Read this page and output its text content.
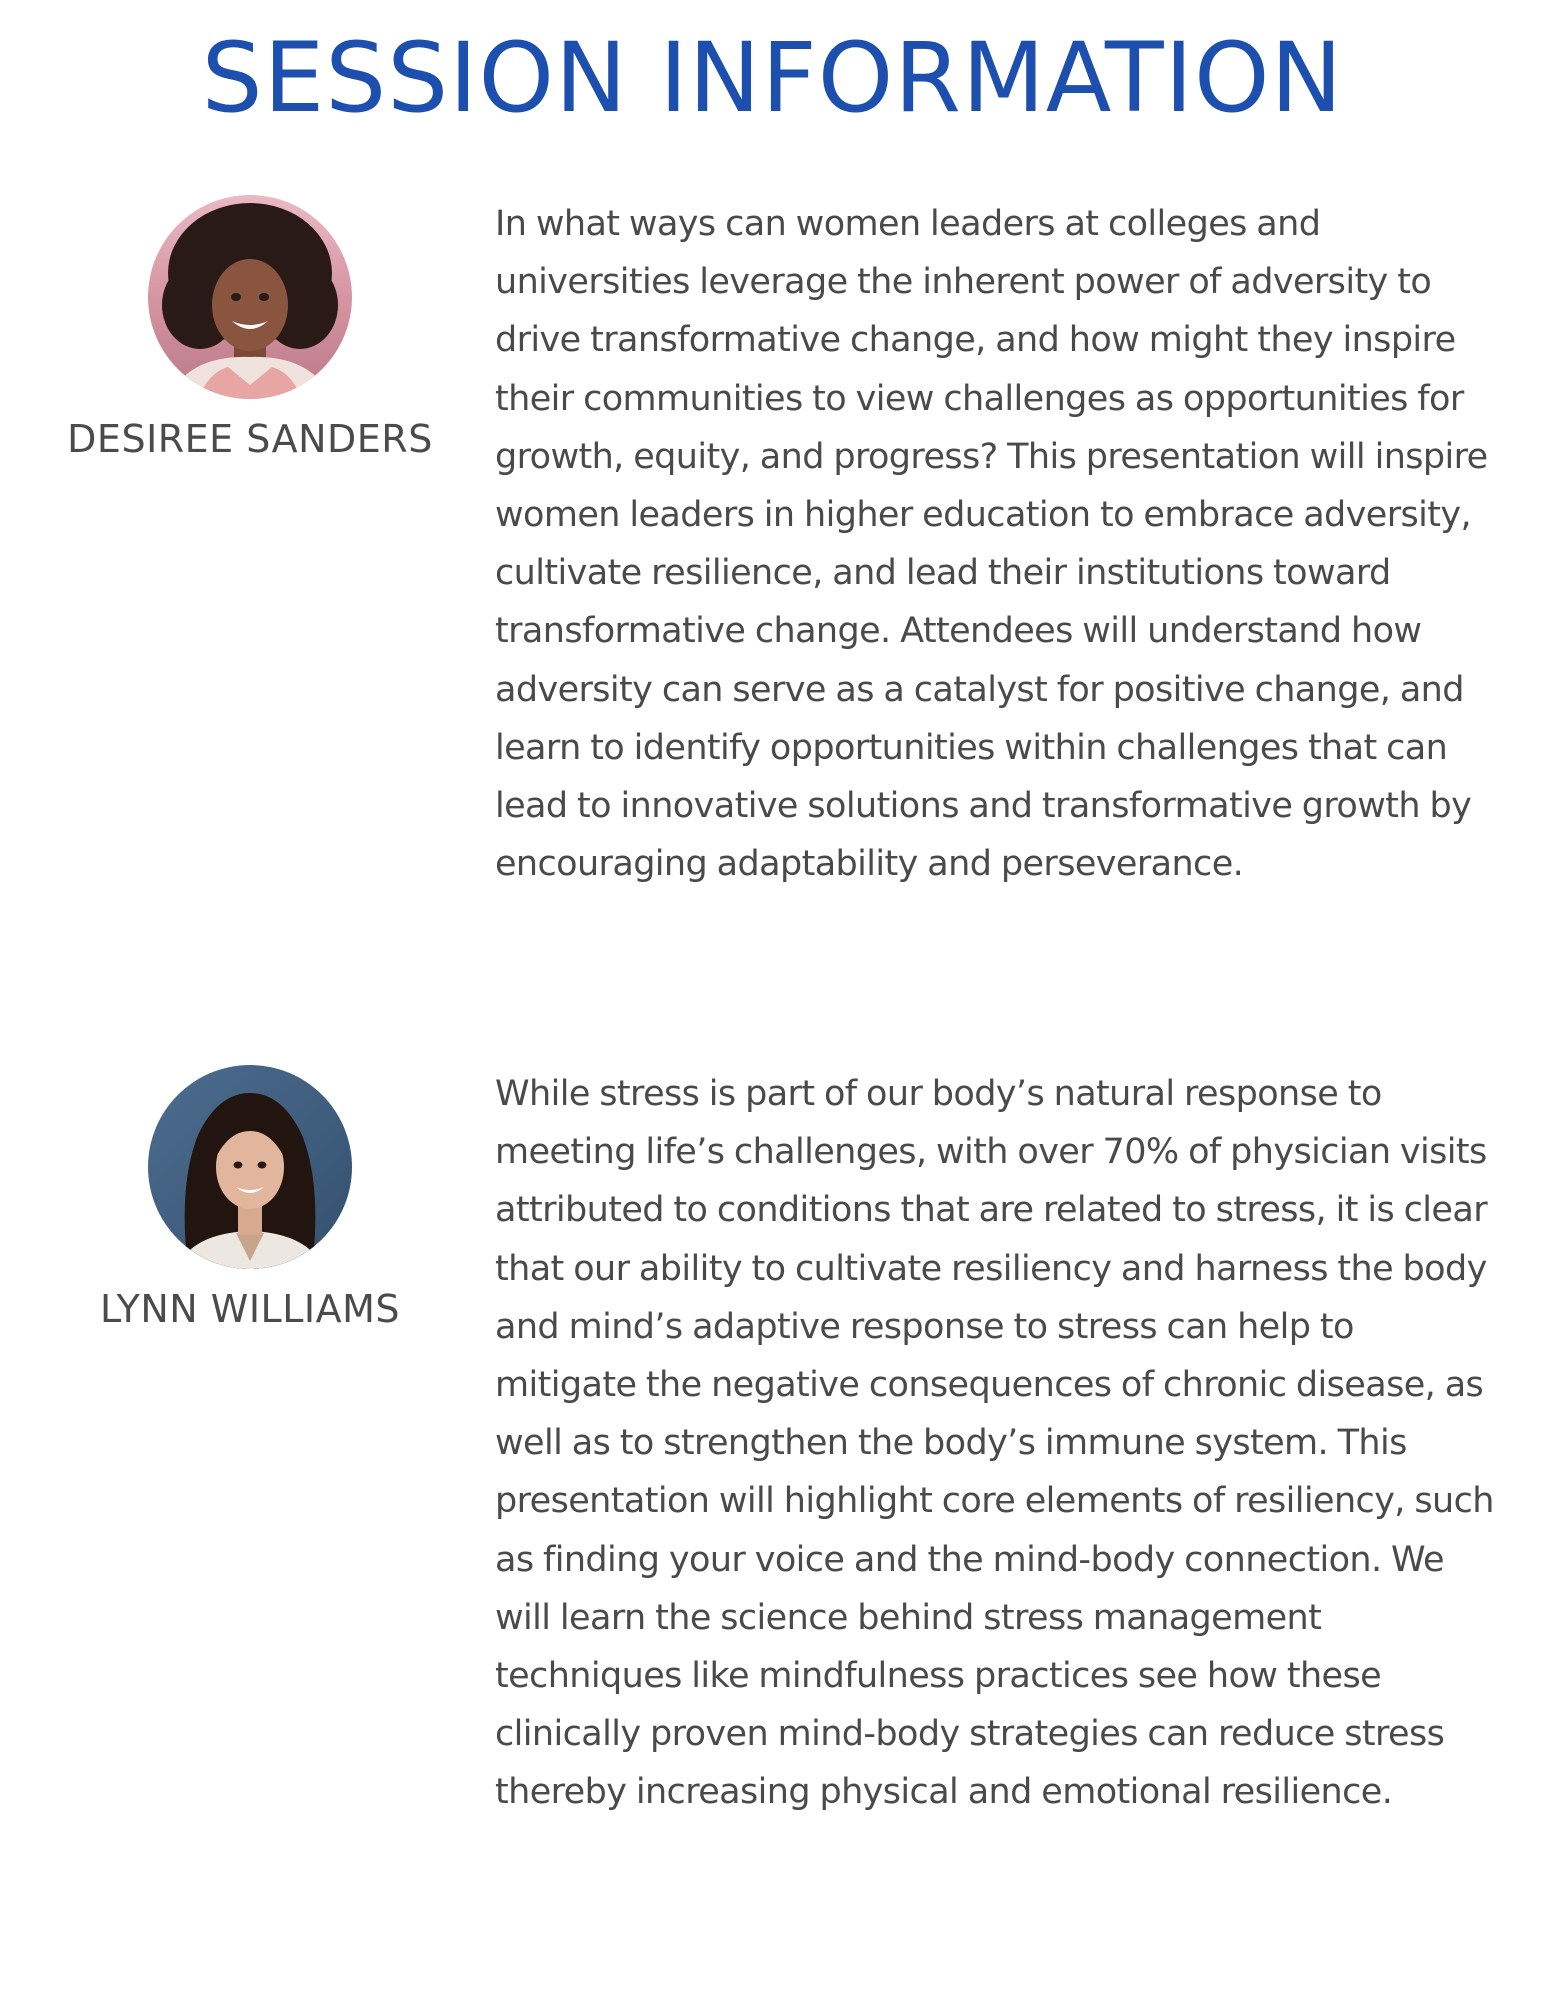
SESSION INFORMATION
DESIREE SANDERS

In what ways can women leaders at colleges and universities leverage the inherent power of adversity to drive transformative change, and how might they inspire their communities to view challenges as opportunities for growth, equity, and progress? This presentation will inspire women leaders in higher education to embrace adversity, cultivate resilience, and lead their institutions toward transformative change. Attendees will understand how adversity can serve as a catalyst for positive change, and learn to identify opportunities within challenges that can lead to innovative solutions and transformative growth by encouraging adaptability and perseverance.

LYNN WILLIAMS

While stress is part of our body’s natural response to meeting life’s challenges, with over 70% of physician visits attributed to conditions that are related to stress, it is clear that our ability to cultivate resiliency and harness the body and mind’s adaptive response to stress can help to mitigate the negative consequences of chronic disease, as well as to strengthen the body’s immune system. This presentation will highlight core elements of resiliency, such as finding your voice and the mind-body connection. We will learn the science behind stress management techniques like mindfulness practices see how these clinically proven mind-body strategies can reduce stress thereby increasing physical and emotional resilience.
